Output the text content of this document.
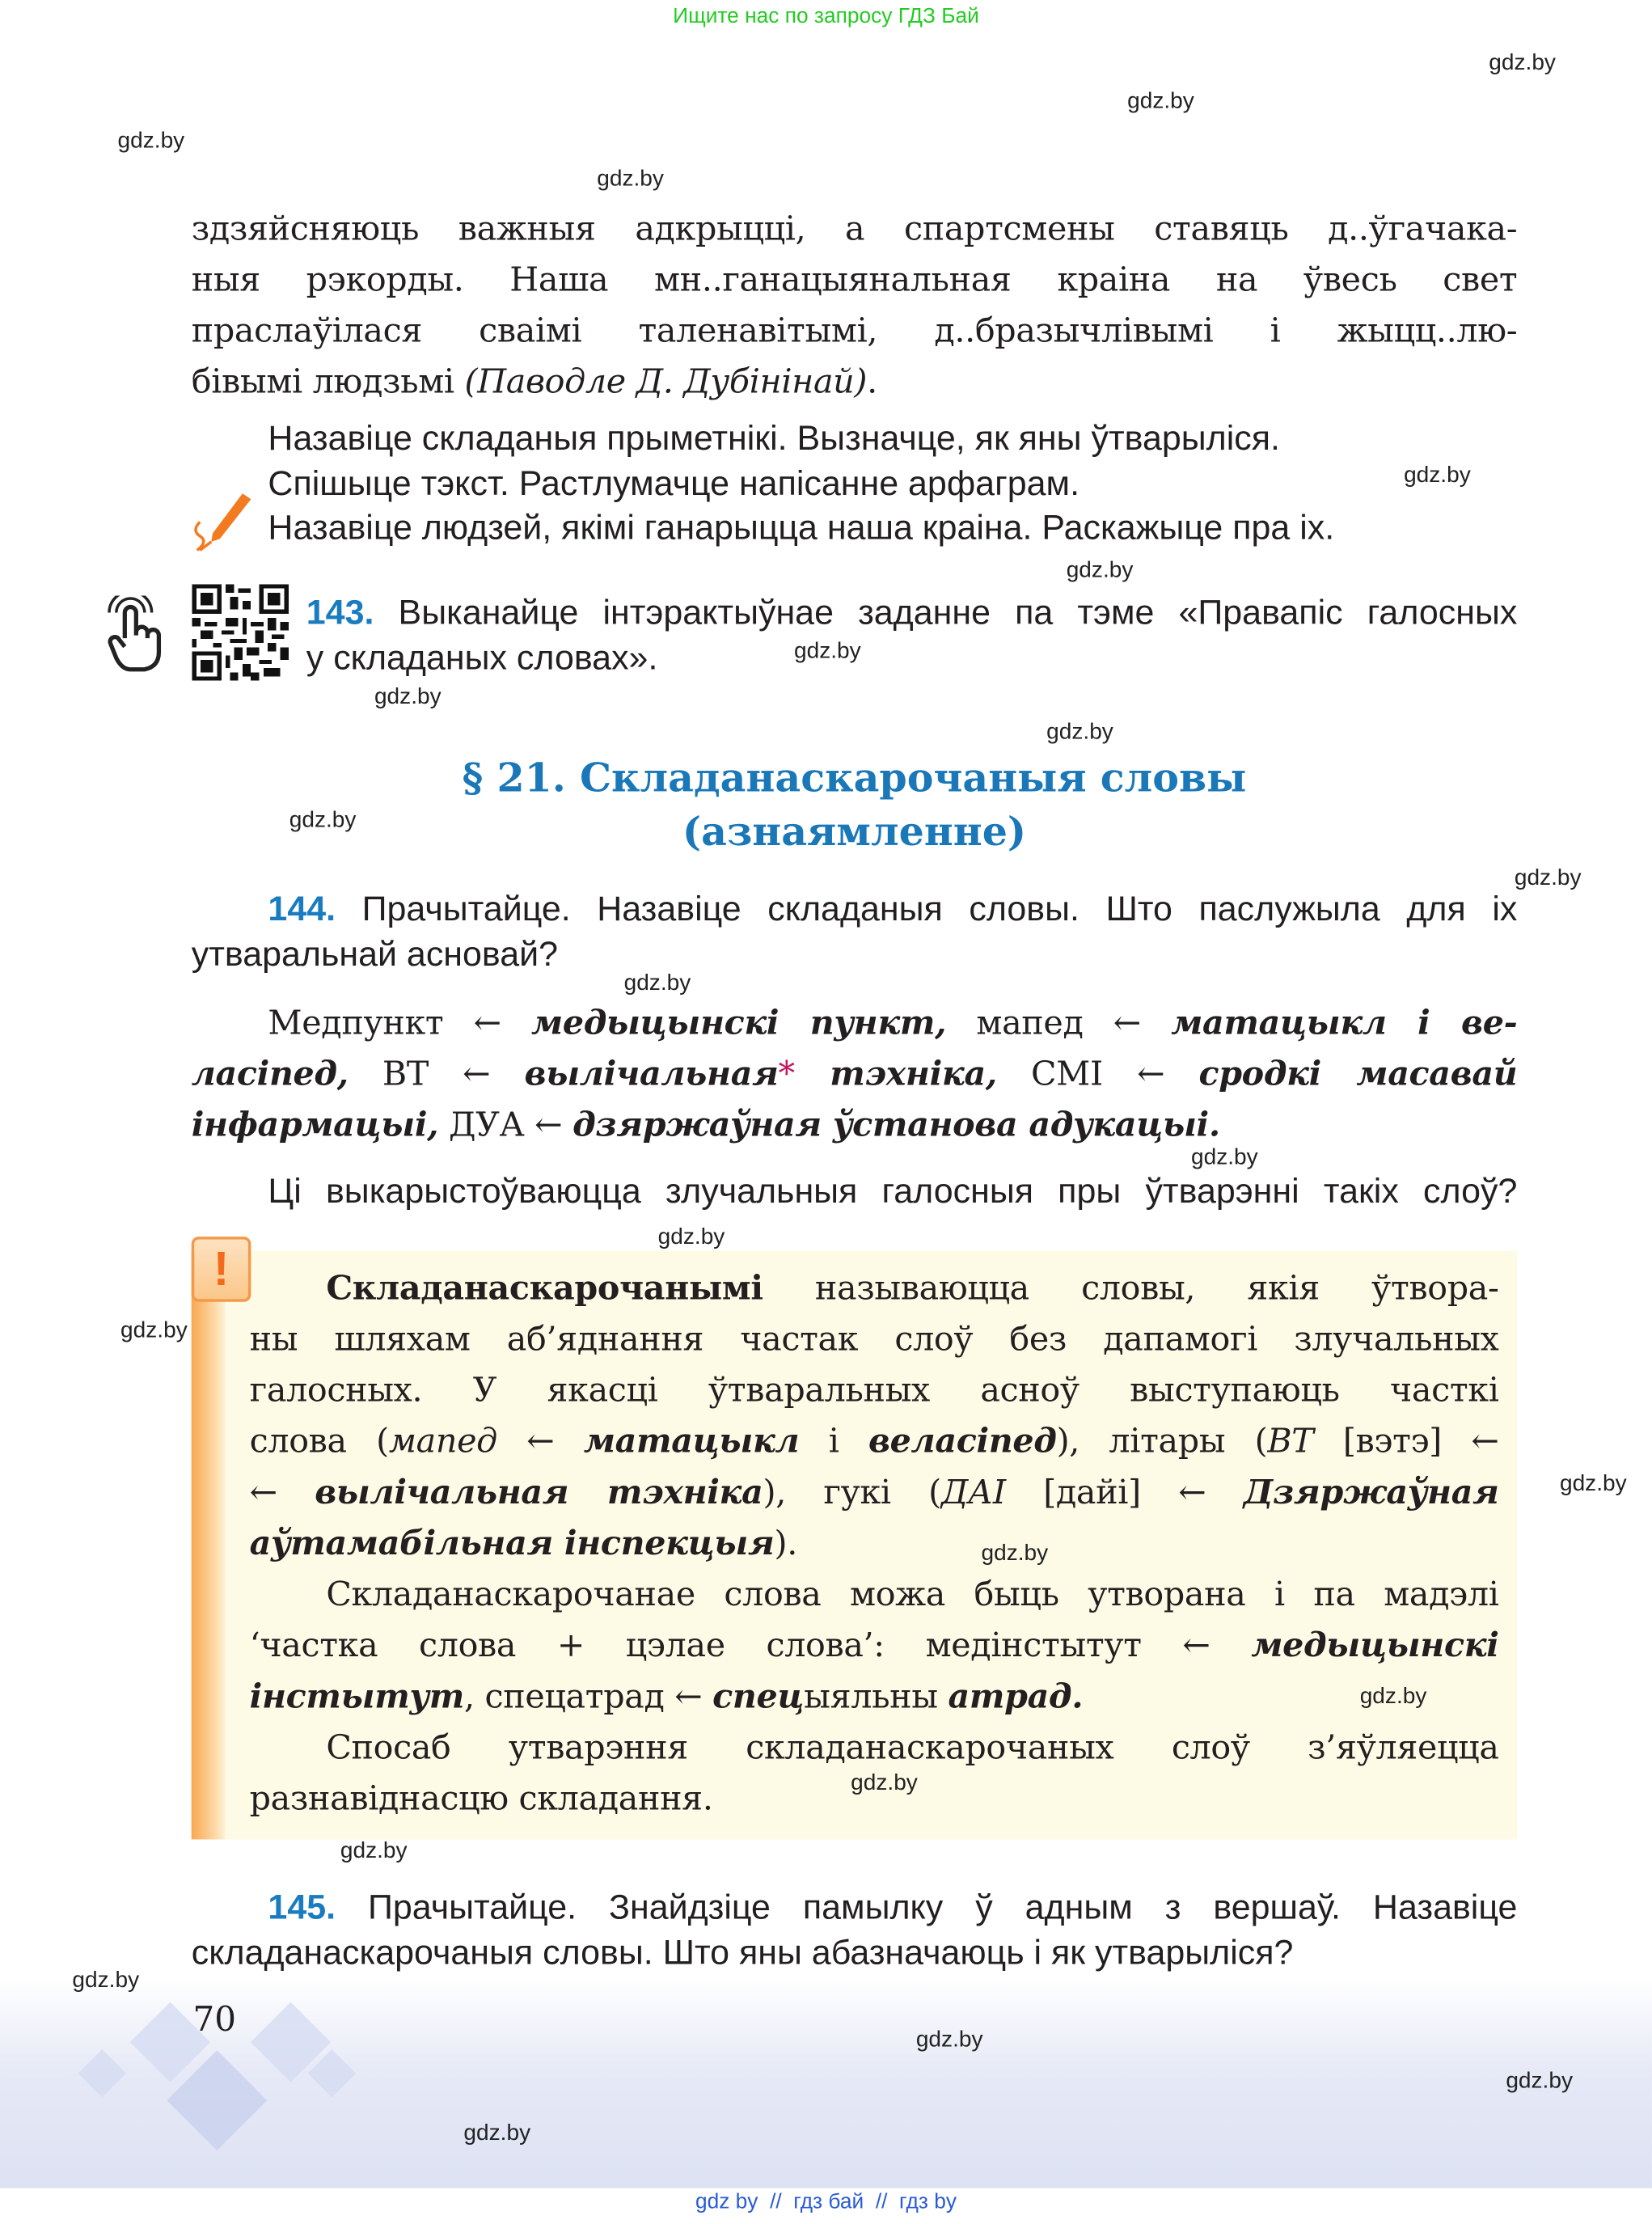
Ищите нас по запросу ГДЗ Бай
здзяйсняюць важныя адкрыцці, а спартсмены ставяць д..ўгачака-
ныя рэкорды. Наша мн..ганацыянальная краіна на ўвесь свет
праслаўілася сваімі таленавітымі, д..бразычлівымі і жыцц..лю-
бівымі людзьмі (Паводле Д. Дубінінай).
Назавіце складаныя прыметнікі. Вызначце, як яны ўтварыліся.
Спішыце тэкст. Растлумачце напісанне арфаграм.
Назавіце людзей, якімі ганарыцца наша краіна. Раскажыце пра іх.
143. Выканайце інтэрактыўнае заданне па тэме «Правапіс галосных
у складаных словах».
§ 21. Складанаскарочаныя словы
(азнаямленне)
144. Прачытайце. Назавіце складаныя словы. Што паслужыла для іх
утваральнай асновай?
Медпункт ← медыцынскі пункт, мапед ← матацыкл і ве-
ласіпед, ВТ ← вылічальная* тэхніка, СМІ ← сродкі масавай
інфармацыі, ДУА ← дзяржаўная ўстанова адукацыі.
Ці выкарыстоўваюцца злучальныя галосныя пры ўтварэнні такіх слоў?
!	Складанаскарочанымі называюцца словы, якія ўтвора-
ны шляхам аб’яднання частак слоў без дапамогі злучальных
галосных. У якасці ўтваральных асноў выступаюць часткі
слова (мапед ← матацыкл і веласіпед), літары (ВТ [вэтэ] ←
← вылічальная тэхніка), гукі (ДАІ [дайі] ← Дзяржаўная
аўтамабільная інспекцыя).
Складанаскарочанае слова можа быць утворана і па мадэлі
‘частка слова + цэлае слова’: медінстытут ← медыцынскі
інстытут, спецатрад ← спецыяльны атрад.
Спосаб утварэння складанаскарочаных слоў з’яўляецца
разнавіднасцю складання.
145. Прачытайце. Знайдзіце памылку ў адным з вершаў. Назавіце
складанаскарочаныя словы. Што яны абазначаюць і як утварыліся?
70
gdz by  //  гдз бай  //  гдз by
gdz.by
gdz.by
gdz.by
gdz.by
gdz.by
gdz.by
gdz.by
gdz.by
gdz.by
gdz.by
gdz.by
gdz.by
gdz.by
gdz.by
gdz.by
gdz.by
gdz.by
gdz.by
gdz.by
gdz.by
gdz.by
gdz.by
gdz.by
gdz.by
